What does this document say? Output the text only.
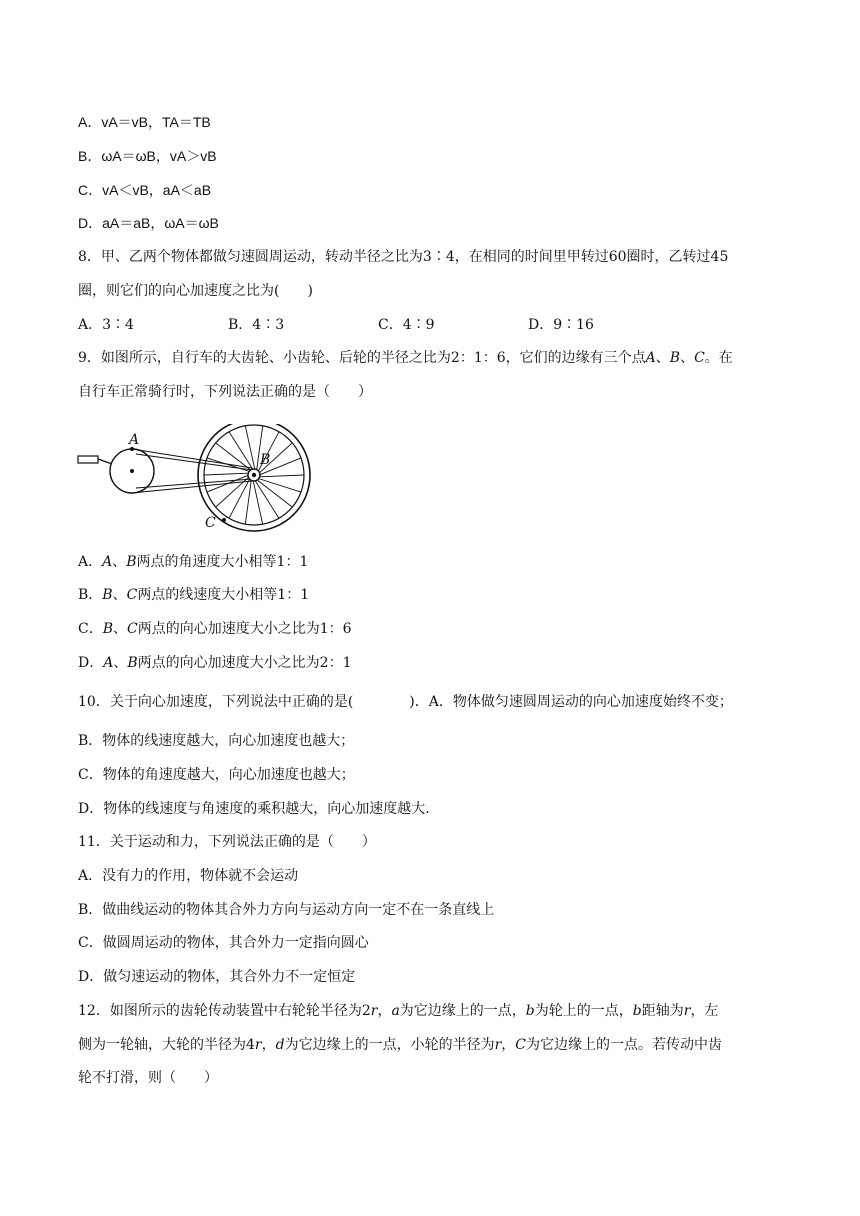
A．vA＝vB，TA＝TB
B．ωA＝ωB，vA＞vB
C．vA＜vB，aA＜aB
D．aA＝aB，ωA＝ωB
8．甲、乙两个物体都做匀速圆周运动，转动半径之比为3∶4，在相同的时间里甲转过60圈时，乙转过45
圈，则它们的向心加速度之比为(　　)
A．3∶4	B．4∶3	C．4∶9	D．9∶16
9．如图所示，自行车的大齿轮、小齿轮、后轮的半径之比为2：1：6，它们的边缘有三个点A、B、C。在
自行车正常骑行时，下列说法正确的是（　　）
A
B
C
A．A、B两点的角速度大小相等1：1
B．B、C两点的线速度大小相等1：1
C．B、C两点的向心加速度大小之比为1：6
D．A、B两点的向心加速度大小之比为2：1
10．关于向心加速度，下列说法中正确的是(　　　　)．A．物体做匀速圆周运动的向心加速度始终不变；
B．物体的线速度越大，向心加速度也越大；
C．物体的角速度越大，向心加速度也越大；
D．物体的线速度与角速度的乘积越大，向心加速度越大.
11．关于运动和力，下列说法正确的是（　　）
A．没有力的作用，物体就不会运动
B．做曲线运动的物体其合外力方向与运动方向一定不在一条直线上
C．做圆周运动的物体，其合外力一定指向圆心
D．做匀速运动的物体，其合外力不一定恒定
12．如图所示的齿轮传动装置中右轮轮半径为2r，a为它边缘上的一点，b为轮上的一点，b距轴为r，左
侧为一轮轴，大轮的半径为4r，d为它边缘上的一点，小轮的半径为r，C为它边缘上的一点。若传动中齿
轮不打滑，则（　　）
